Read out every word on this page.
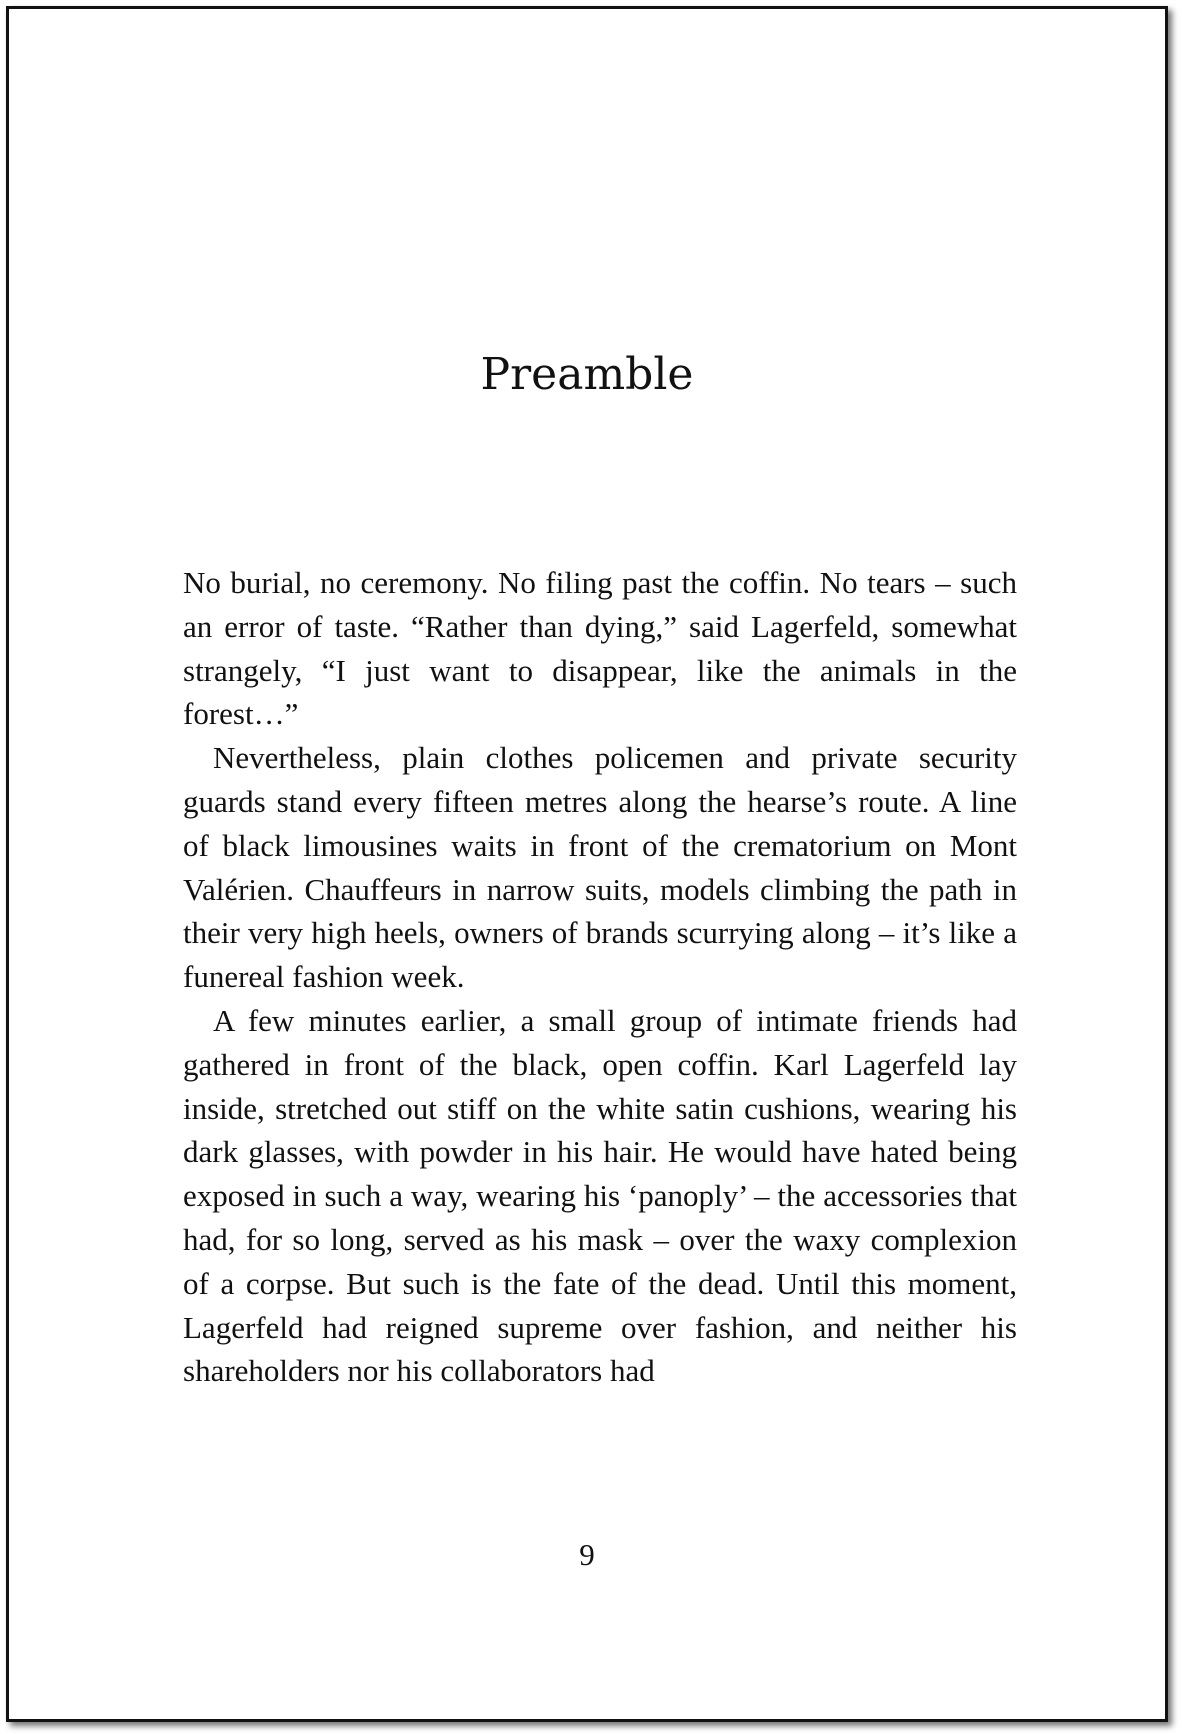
Preamble

No burial, no ceremony. No filing past the coffin. No tears – such an error of taste. “Rather than dying,” said Lagerfeld, somewhat strangely, “I just want to disappear, like the animals in the forest…”

Nevertheless, plain clothes policemen and private security guards stand every fifteen metres along the hearse’s route. A line of black limousines waits in front of the crematorium on Mont Valérien. Chauffeurs in narrow suits, models climbing the path in their very high heels, owners of brands scurrying along – it’s like a funereal fashion week.

A few minutes earlier, a small group of intimate friends had gathered in front of the black, open coffin. Karl Lagerfeld lay inside, stretched out stiff on the white satin cushions, wearing his dark glasses, with powder in his hair. He would have hated being exposed in such a way, wearing his ‘panoply’ – the accessories that had, for so long, served as his mask – over the waxy complexion of a corpse. But such is the fate of the dead. Until this moment, Lagerfeld had reigned supreme over fashion, and neither his shareholders nor his collaborators had

9
